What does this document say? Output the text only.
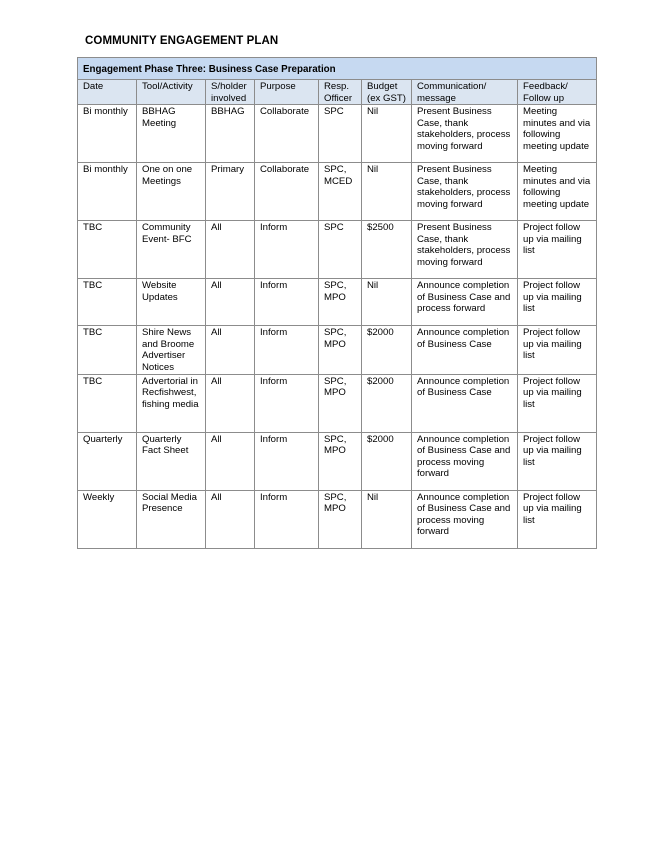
COMMUNITY ENGAGEMENT PLAN
Engagement Phase Three: Business Case Preparation							
Date	Tool/Activity	S/holder involved	Purpose	Resp. Officer	Budget (ex GST)	Communication/ message	Feedback/ Follow up
Bi monthly	BBHAG Meeting	BBHAG	Collaborate	SPC	Nil	Present Business Case, thank stakeholders, process moving forward	Meeting minutes and via following meeting update
Bi monthly	One on one Meetings	Primary	Collaborate	SPC, MCED	Nil	Present Business Case, thank stakeholders, process moving forward	Meeting minutes and via following meeting update
TBC	Community Event- BFC	All	Inform	SPC	$2500	Present Business Case, thank stakeholders, process moving forward	Project follow up via mailing list
TBC	Website Updates	All	Inform	SPC, MPO	Nil	Announce completion of Business Case and process forward	Project follow up via mailing list
TBC	Shire News and Broome Advertiser Notices	All	Inform	SPC, MPO	$2000	Announce completion of Business Case	Project follow up via mailing list
TBC	Advertorial in Recfishwest, fishing media	All	Inform	SPC, MPO	$2000	Announce completion of Business Case	Project follow up via mailing list
Quarterly	Quarterly Fact Sheet	All	Inform	SPC, MPO	$2000	Announce completion of Business Case and process moving forward	Project follow up via mailing list
Weekly	Social Media Presence	All	Inform	SPC, MPO	Nil	Announce completion of Business Case and process moving forward	Project follow up via mailing list
